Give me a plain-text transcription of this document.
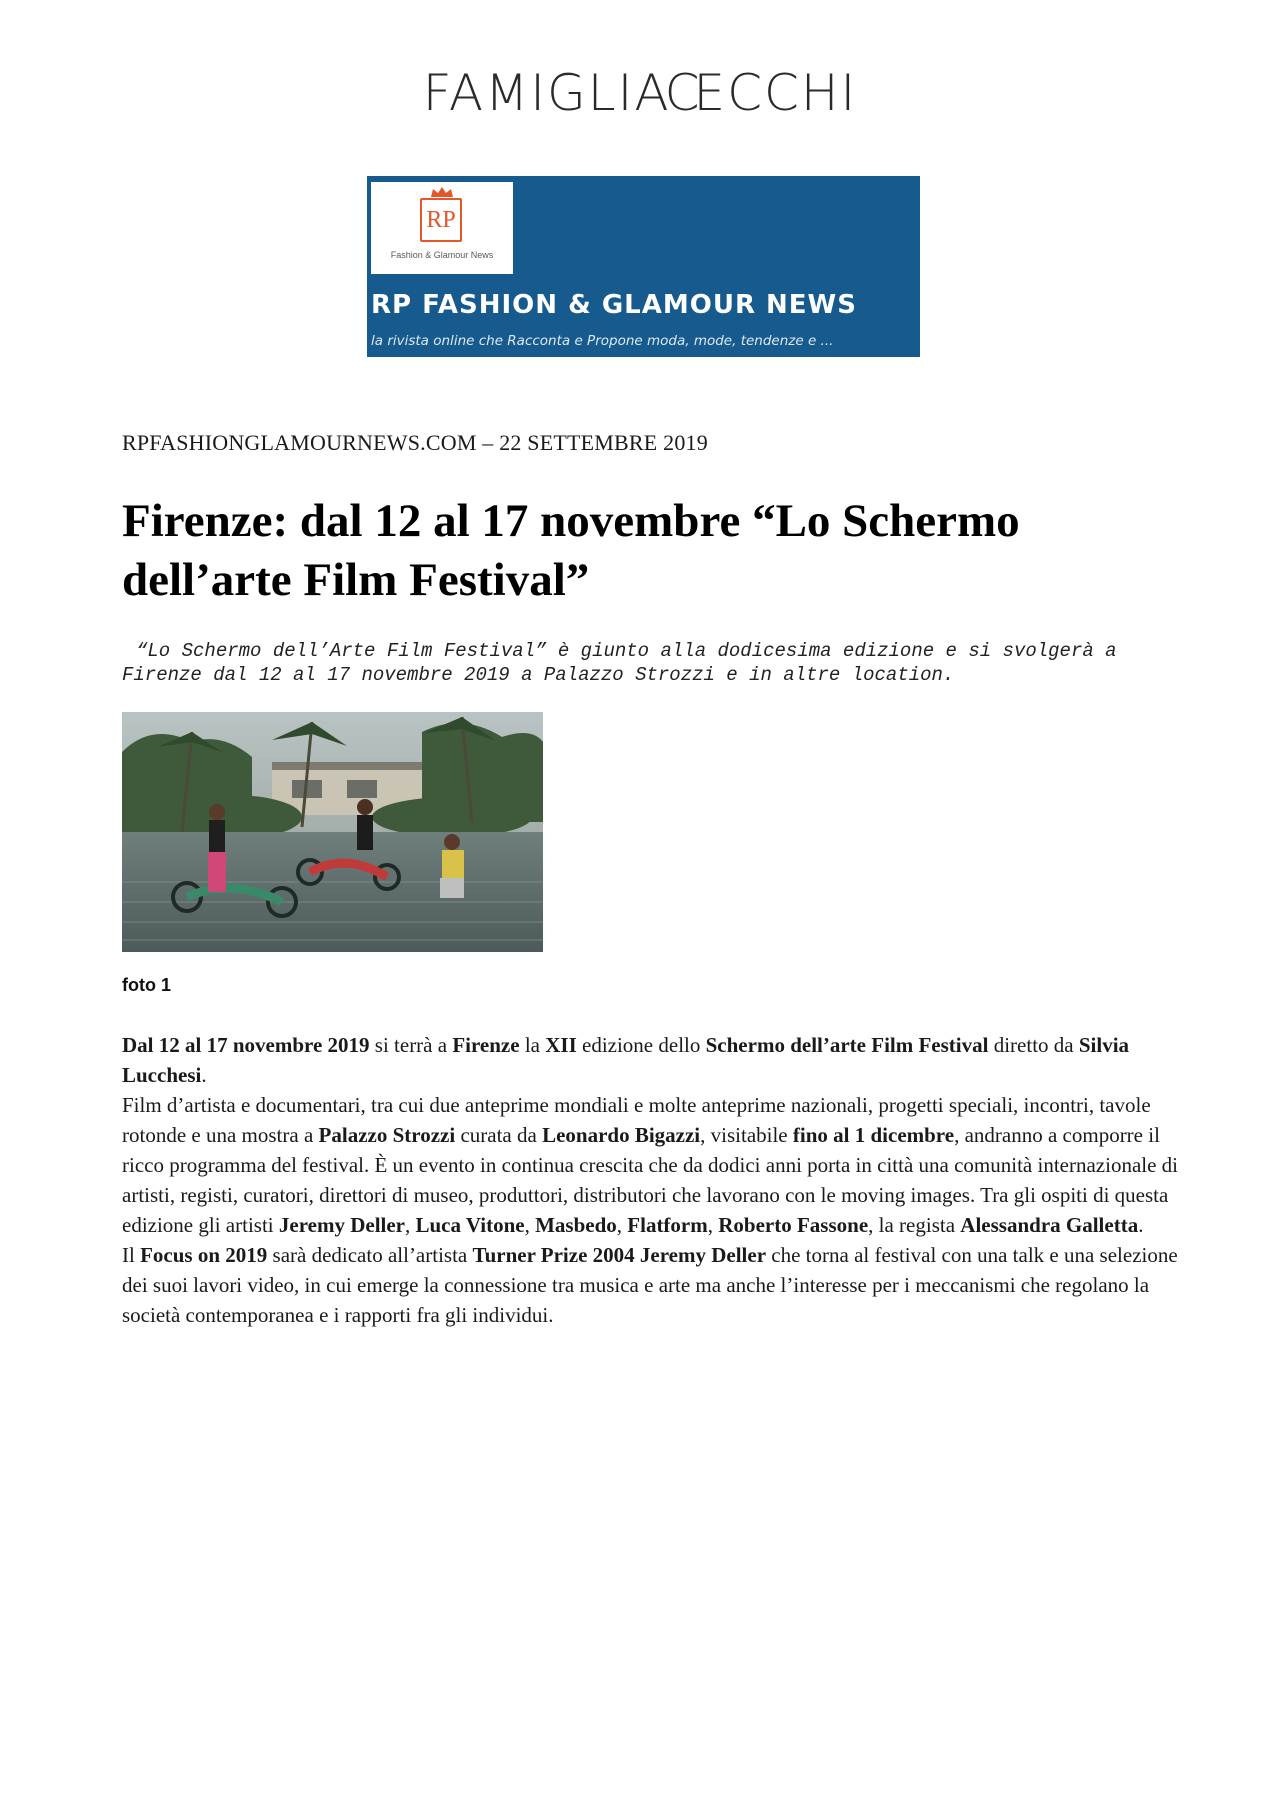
FAMIGLIACECCHI
RP
Fashion & Glamour News
RP FASHION & GLAMOUR NEWS
la rivista online che Racconta e Propone moda, mode, tendenze e ...
RPFASHIONGLAMOURNEWS.COM – 22 SETTEMBRE 2019
Firenze: dal 12 al 17 novembre “Lo Schermo dell’arte Film Festival”

“Lo Schermo dell’Arte Film Festival” è giunto alla dodicesima edizione e si svolgerà a Firenze dal 12 al 17 novembre 2019 a Palazzo Strozzi e in altre location.

foto 1

Dal 12 al 17 novembre 2019 si terrà a Firenze la XII edizione dello Schermo dell’arte Film Festival diretto da Silvia Lucchesi.

Film d’artista e documentari, tra cui due anteprime mondiali e molte anteprime nazionali, progetti speciali, incontri, tavole rotonde e una mostra a Palazzo Strozzi curata da Leonardo Bigazzi, visitabile fino al 1 dicembre, andranno a comporre il ricco programma del festival. È un evento in continua crescita che da dodici anni porta in città una comunità internazionale di artisti, registi, curatori, direttori di museo, produttori, distributori che lavorano con le moving images. Tra gli ospiti di questa edizione gli artisti Jeremy Deller, Luca Vitone, Masbedo, Flatform, Roberto Fassone, la regista Alessandra Galletta.

Il Focus on 2019 sarà dedicato all’artista Turner Prize 2004 Jeremy Deller che torna al festival con una talk e una selezione dei suoi lavori video, in cui emerge la connessione tra musica e arte ma anche l’interesse per i meccanismi che regolano la società contemporanea e i rapporti fra gli individui.
